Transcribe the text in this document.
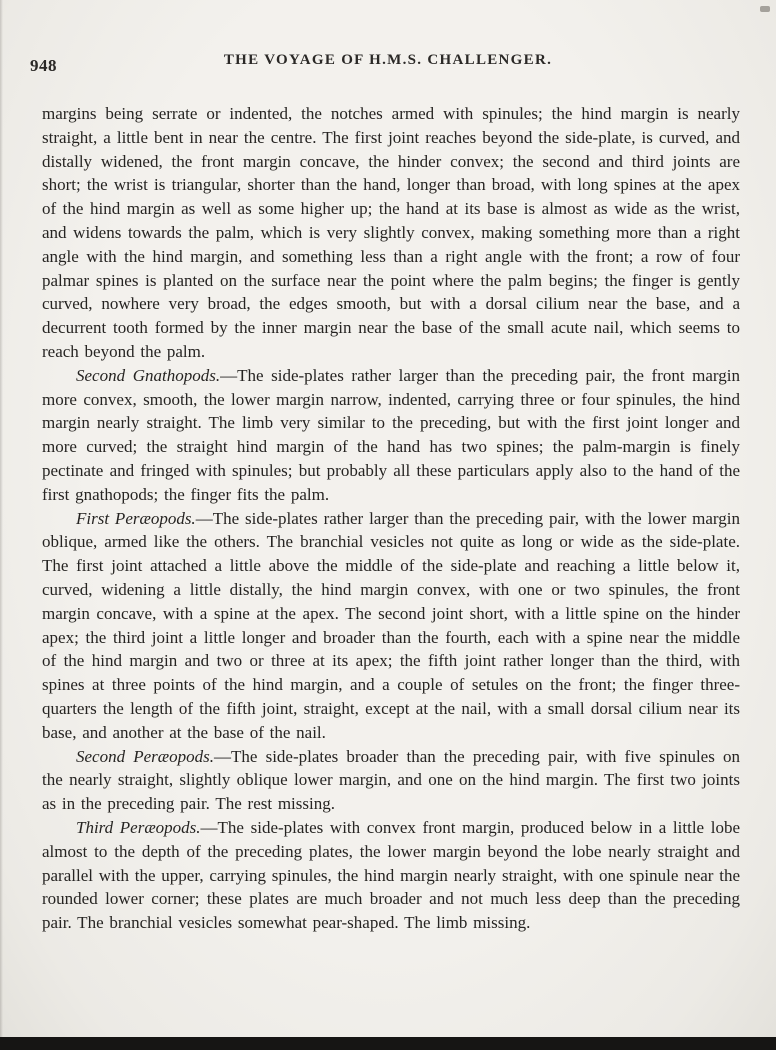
948	THE VOYAGE OF H.M.S. CHALLENGER.

margins being serrate or indented, the notches armed with spinules; the hind margin is nearly straight, a little bent in near the centre. The first joint reaches beyond the side-plate, is curved, and distally widened, the front margin concave, the hinder convex; the second and third joints are short; the wrist is triangular, shorter than the hand, longer than broad, with long spines at the apex of the hind margin as well as some higher up; the hand at its base is almost as wide as the wrist, and widens towards the palm, which is very slightly convex, making something more than a right angle with the hind margin, and something less than a right angle with the front; a row of four palmar spines is planted on the surface near the point where the palm begins; the finger is gently curved, nowhere very broad, the edges smooth, but with a dorsal cilium near the base, and a decurrent tooth formed by the inner margin near the base of the small acute nail, which seems to reach beyond the palm.

Second Gnathopods.—The side-plates rather larger than the preceding pair, the front margin more convex, smooth, the lower margin narrow, indented, carrying three or four spinules, the hind margin nearly straight. The limb very similar to the preceding, but with the first joint longer and more curved; the straight hind margin of the hand has two spines; the palm-margin is finely pectinate and fringed with spinules; but probably all these particulars apply also to the hand of the first gnathopods; the finger fits the palm.

First Peræopods.—The side-plates rather larger than the preceding pair, with the lower margin oblique, armed like the others. The branchial vesicles not quite as long or wide as the side-plate. The first joint attached a little above the middle of the side-plate and reaching a little below it, curved, widening a little distally, the hind margin convex, with one or two spinules, the front margin concave, with a spine at the apex. The second joint short, with a little spine on the hinder apex; the third joint a little longer and broader than the fourth, each with a spine near the middle of the hind margin and two or three at its apex; the fifth joint rather longer than the third, with spines at three points of the hind margin, and a couple of setules on the front; the finger three-quarters the length of the fifth joint, straight, except at the nail, with a small dorsal cilium near its base, and another at the base of the nail.

Second Peræopods.—The side-plates broader than the preceding pair, with five spinules on the nearly straight, slightly oblique lower margin, and one on the hind margin. The first two joints as in the preceding pair. The rest missing.

Third Peræopods.—The side-plates with convex front margin, produced below in a little lobe almost to the depth of the preceding plates, the lower margin beyond the lobe nearly straight and parallel with the upper, carrying spinules, the hind margin nearly straight, with one spinule near the rounded lower corner; these plates are much broader and not much less deep than the preceding pair. The branchial vesicles somewhat pear-shaped. The limb missing.
